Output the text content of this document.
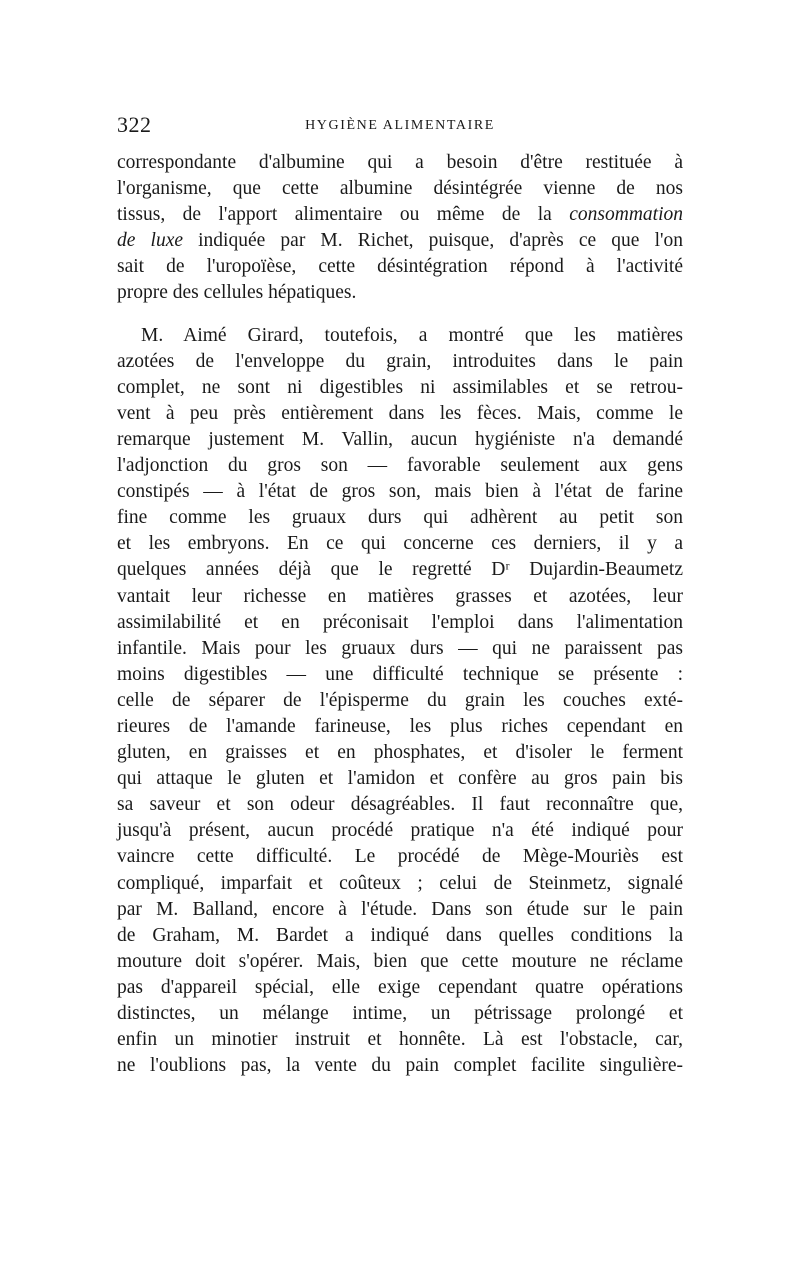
322	HYGIÈNE ALIMENTAIRE
correspondante d'albumine qui a besoin d'être restituée à
l'organisme, que cette albumine désintégrée vienne de nos
tissus, de l'apport alimentaire ou même de la consommation
de luxe indiquée par M. Richet, puisque, d'après ce que l'on
sait de l'uropoïèse, cette désintégration répond à l'activité
propre des cellules hépatiques.
M. Aimé Girard, toutefois, a montré que les matières
azotées de l'enveloppe du grain, introduites dans le pain
complet, ne sont ni digestibles ni assimilables et se retrou-
vent à peu près entièrement dans les fèces. Mais, comme le
remarque justement M. Vallin, aucun hygiéniste n'a demandé
l'adjonction du gros son — favorable seulement aux gens
constipés — à l'état de gros son, mais bien à l'état de farine
fine comme les gruaux durs qui adhèrent au petit son
et les embryons. En ce qui concerne ces derniers, il y a
quelques années déjà que le regretté Dʳ Dujardin-Beaumetz
vantait leur richesse en matières grasses et azotées, leur
assimilabilité et en préconisait l'emploi dans l'alimentation
infantile. Mais pour les gruaux durs — qui ne paraissent pas
moins digestibles — une difficulté technique se présente :
celle de séparer de l'épisperme du grain les couches exté-
rieures de l'amande farineuse, les plus riches cependant en
gluten, en graisses et en phosphates, et d'isoler le ferment
qui attaque le gluten et l'amidon et confère au gros pain bis
sa saveur et son odeur désagréables. Il faut reconnaître que,
jusqu'à présent, aucun procédé pratique n'a été indiqué pour
vaincre cette difficulté. Le procédé de Mège-Mouriès est
compliqué, imparfait et coûteux ; celui de Steinmetz, signalé
par M. Balland, encore à l'étude. Dans son étude sur le pain
de Graham, M. Bardet a indiqué dans quelles conditions la
mouture doit s'opérer. Mais, bien que cette mouture ne réclame
pas d'appareil spécial, elle exige cependant quatre opérations
distinctes, un mélange intime, un pétrissage prolongé et
enfin un minotier instruit et honnête. Là est l'obstacle, car,
ne l'oublions pas, la vente du pain complet facilite singulière-
